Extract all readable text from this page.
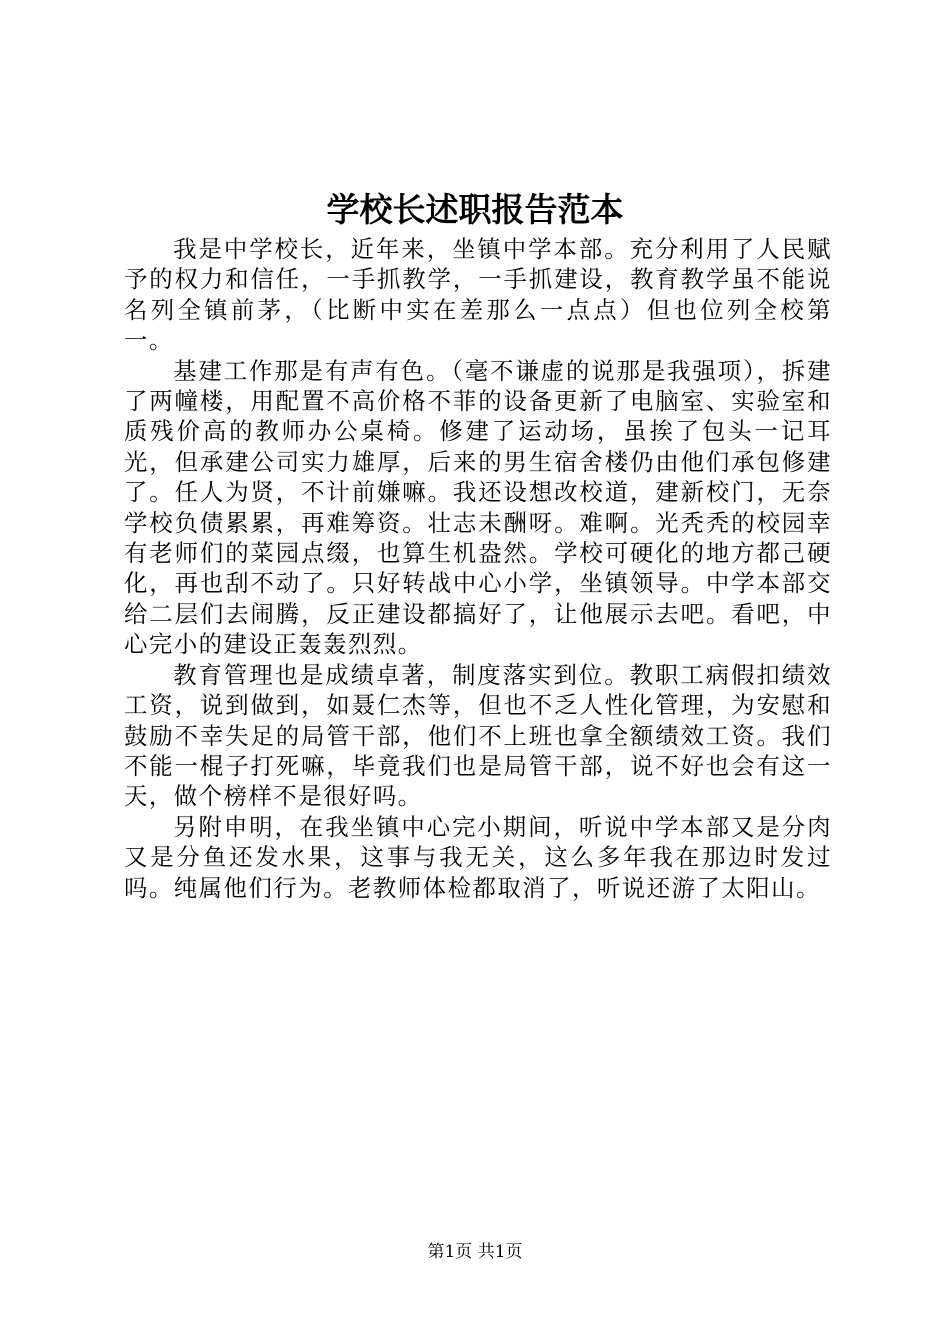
学校长述职报告范本

我是中学校长，近年来，坐镇中学本部。充分利用了人民赋予的权力和信任，一手抓教学，一手抓建设，教育教学虽不能说名列全镇前茅，（比断中实在差那么一点点）但也位列全校第一。

基建工作那是有声有色。（毫不谦虚的说那是我强项），拆建了两幢楼，用配置不高价格不菲的设备更新了电脑室、实验室和质残价高的教师办公桌椅。修建了运动场，虽挨了包头一记耳光，但承建公司实力雄厚，后来的男生宿舍楼仍由他们承包修建了。任人为贤，不计前嫌嘛。我还设想改校道，建新校门，无奈学校负债累累，再难筹资。壮志未酬呀。难啊。光秃秃的校园幸有老师们的菜园点缀，也算生机盎然。学校可硬化的地方都己硬化，再也刮不动了。只好转战中心小学，坐镇领导。中学本部交给二层们去闹腾，反正建设都搞好了，让他展示去吧。看吧，中心完小的建设正轰轰烈烈。

教育管理也是成绩卓著，制度落实到位。教职工病假扣绩效工资，说到做到，如聂仁杰等，但也不乏人性化管理，为安慰和鼓励不幸失足的局管干部，他们不上班也拿全额绩效工资。我们不能一棍子打死嘛，毕竟我们也是局管干部，说不好也会有这一天，做个榜样不是很好吗。

另附申明，在我坐镇中心完小期间，听说中学本部又是分肉又是分鱼还发水果，这事与我无关，这么多年我在那边时发过吗。纯属他们行为。老教师体检都取消了，听说还游了太阳山。

第1页 共1页
